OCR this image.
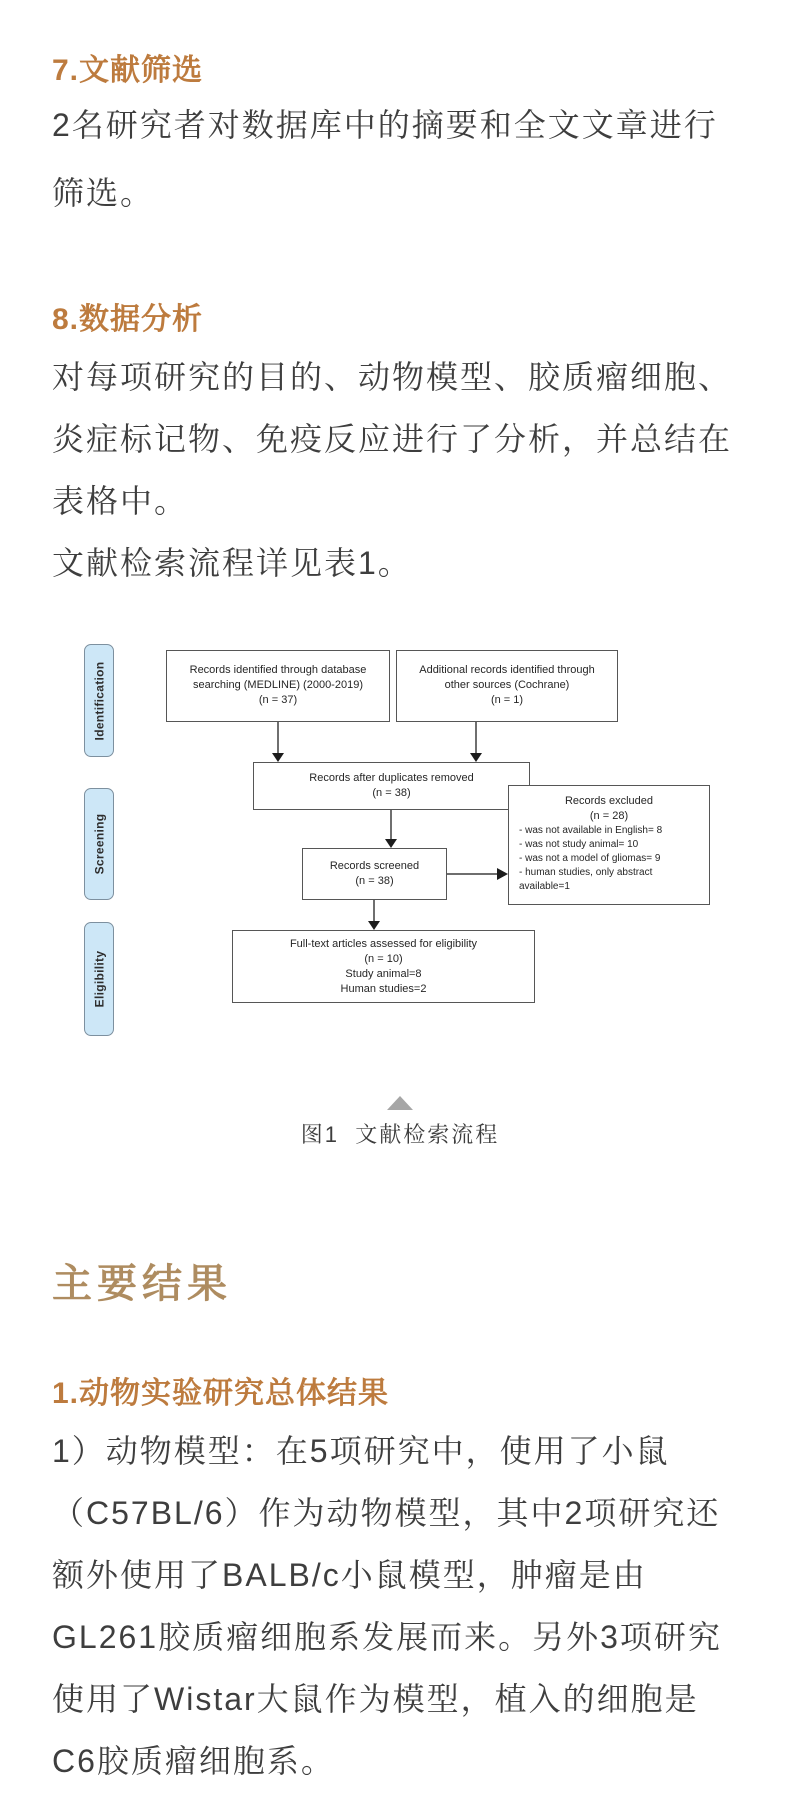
7.文献筛选
2名研究者对数据库中的摘要和全文文章进行
筛选。
8.数据分析
对每项研究的目的、动物模型、胶质瘤细胞、
炎症标记物、免疫反应进行了分析，并总结在
表格中。
文献检索流程详见表1。
Identification
Screening
Eligibility
Records identified through database
searching (MEDLINE) (2000-2019)
(n = 37)
Additional records identified through
other sources (Cochrane)
(n = 1)
Records after duplicates removed
(n = 38)
Records screened
(n = 38)
Records excluded
(n = 28)
- was not available in English= 8
- was not study animal= 10
- was not a model of gliomas= 9
- human studies, only abstract available=1
Full-text articles assessed for eligibility
(n = 10)
Study animal=8
Human studies=2
图1  文献检索流程
主要结果
1.动物实验研究总体结果
1）动物模型：在5项研究中，使用了小鼠
（C57BL/6）作为动物模型，其中2项研究还
额外使用了BALB/c小鼠模型，肿瘤是由
GL261胶质瘤细胞系发展而来。另外3项研究
使用了Wistar大鼠作为模型，植入的细胞是
C6胶质瘤细胞系。
